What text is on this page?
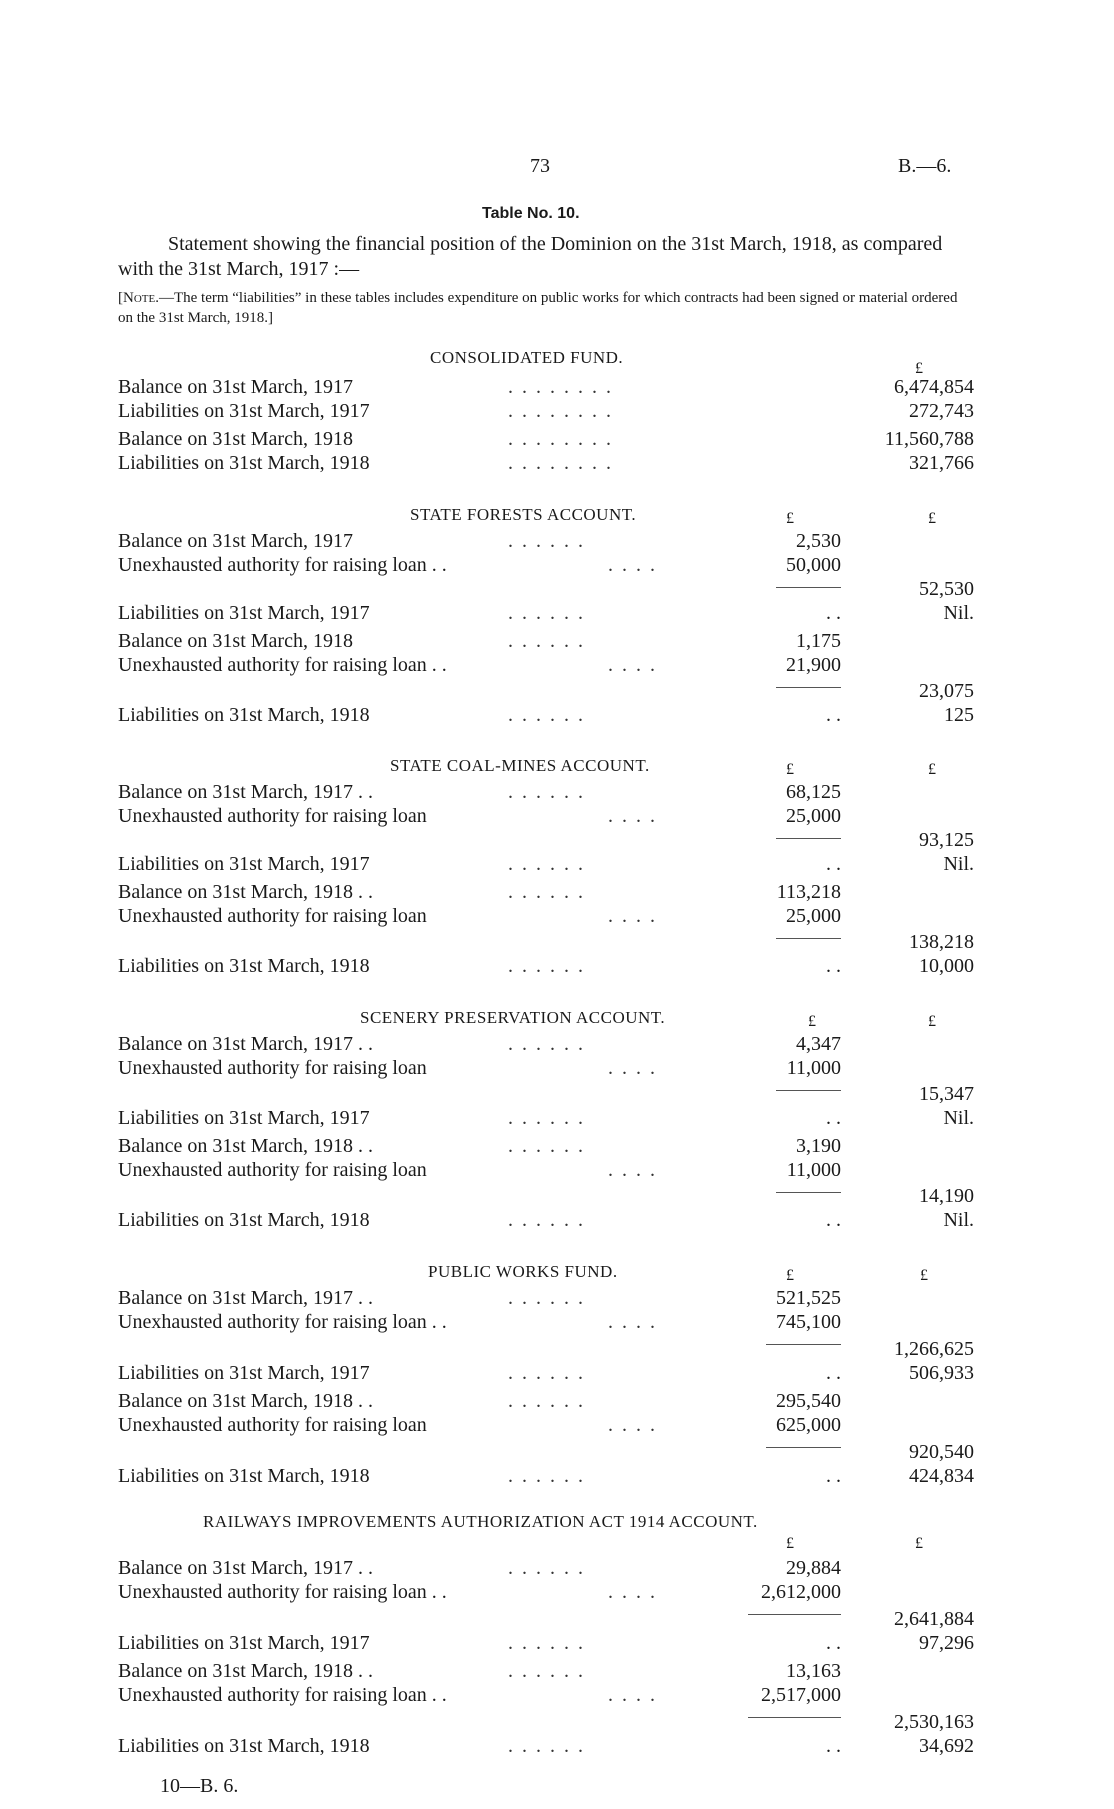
73	B.—6.
Table No. 10.
Statement showing the financial position of the Dominion on the 31st March, 1918, as compared with the 31st March, 1917 :—
[Note.—The term “liabilities” in these tables includes expenditure on public works for which contracts had been signed or material ordered on the 31st March, 1918.]
CONSOLIDATED FUND.
£
Balance on 31st March, 1917	. . . . . . . .	6,474,854
Liabilities on 31st March, 1917	. . . . . . . .	272,743
Balance on 31st March, 1918	. . . . . . . .	11,560,788
Liabilities on 31st March, 1918	. . . . . . . .	321,766
STATE FORESTS ACCOUNT.	£	£
Balance on 31st March, 1917	. . . . . .	2,530
Unexhausted authority for raising loan . .	. . . .	50,000
52,530
Liabilities on 31st March, 1917	. . . . . .	. .	Nil.
Balance on 31st March, 1918	. . . . . .	1,175
Unexhausted authority for raising loan . .	. . . .	21,900
23,075
Liabilities on 31st March, 1918	. . . . . .	. .	125
STATE COAL-MINES ACCOUNT.	£	£
Balance on 31st March, 1917 . .	. . . . . .	68,125
Unexhausted authority for raising loan	. . . .	25,000
93,125
Liabilities on 31st March, 1917	. . . . . .	. .	Nil.
Balance on 31st March, 1918 . .	. . . . . .	113,218
Unexhausted authority for raising loan	. . . .	25,000
138,218
Liabilities on 31st March, 1918	. . . . . .	. .	10,000
SCENERY PRESERVATION ACCOUNT.	£	£
Balance on 31st March, 1917 . .	. . . . . .	4,347
Unexhausted authority for raising loan	. . . .	11,000
15,347
Liabilities on 31st March, 1917	. . . . . .	. .	Nil.
Balance on 31st March, 1918 . .	. . . . . .	3,190
Unexhausted authority for raising loan	. . . .	11,000
14,190
Liabilities on 31st March, 1918	. . . . . .	. .	Nil.
PUBLIC WORKS FUND.	£	£
Balance on 31st March, 1917 . .	. . . . . .	521,525
Unexhausted authority for raising loan . .	. . . .	745,100
1,266,625
Liabilities on 31st March, 1917	. . . . . .	. .	506,933
Balance on 31st March, 1918 . .	. . . . . .	295,540
Unexhausted authority for raising loan	. . . .	625,000
920,540
Liabilities on 31st March, 1918	. . . . . .	. .	424,834
RAILWAYS IMPROVEMENTS AUTHORIZATION ACT 1914 ACCOUNT.
£	£
Balance on 31st March, 1917 . .	. . . . . .	29,884
Unexhausted authority for raising loan . .	. . . .	2,612,000
2,641,884
Liabilities on 31st March, 1917	. . . . . .	. .	97,296
Balance on 31st March, 1918 . .	. . . . . .	13,163
Unexhausted authority for raising loan . .	. . . .	2,517,000
2,530,163
Liabilities on 31st March, 1918	. . . . . .	. .	34,692
10—B. 6.
